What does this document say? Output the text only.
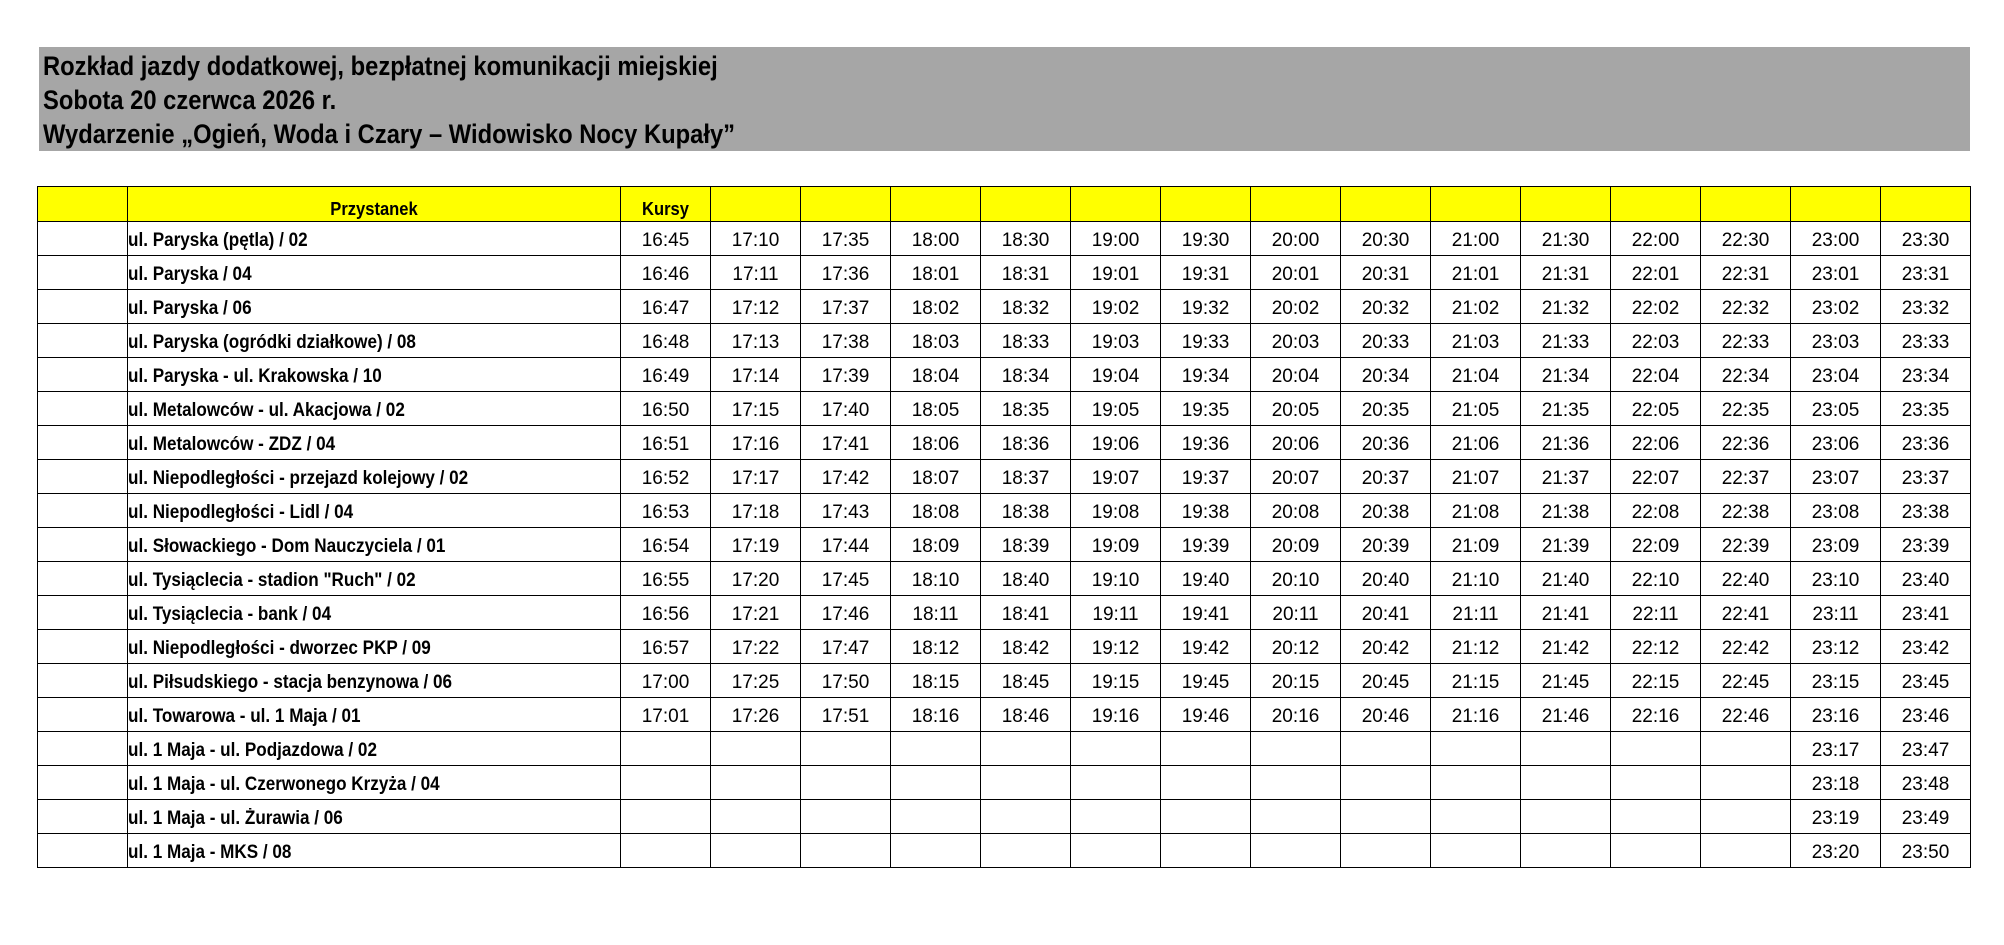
Rozkład jazdy dodatkowej, bezpłatnej komunikacji miejskiej
Sobota 20 czerwca 2026 r.
Wydarzenie „Ogień, Woda i Czary – Widowisko Nocy Kupały”

	Przystanek	Kursy														

	ul. Paryska (pętla) / 02	16:45	17:10	17:35	18:00	18:30	19:00	19:30	20:00	20:30	21:00	21:30	22:00	22:30	23:00	23:30
	ul. Paryska / 04	16:46	17:11	17:36	18:01	18:31	19:01	19:31	20:01	20:31	21:01	21:31	22:01	22:31	23:01	23:31
	ul. Paryska / 06	16:47	17:12	17:37	18:02	18:32	19:02	19:32	20:02	20:32	21:02	21:32	22:02	22:32	23:02	23:32
	ul. Paryska (ogródki działkowe) / 08	16:48	17:13	17:38	18:03	18:33	19:03	19:33	20:03	20:33	21:03	21:33	22:03	22:33	23:03	23:33
	ul. Paryska - ul. Krakowska / 10	16:49	17:14	17:39	18:04	18:34	19:04	19:34	20:04	20:34	21:04	21:34	22:04	22:34	23:04	23:34
	ul. Metalowców - ul. Akacjowa / 02	16:50	17:15	17:40	18:05	18:35	19:05	19:35	20:05	20:35	21:05	21:35	22:05	22:35	23:05	23:35
	ul. Metalowców - ZDZ / 04	16:51	17:16	17:41	18:06	18:36	19:06	19:36	20:06	20:36	21:06	21:36	22:06	22:36	23:06	23:36
	ul. Niepodległości - przejazd kolejowy / 02	16:52	17:17	17:42	18:07	18:37	19:07	19:37	20:07	20:37	21:07	21:37	22:07	22:37	23:07	23:37
	ul. Niepodległości - Lidl / 04	16:53	17:18	17:43	18:08	18:38	19:08	19:38	20:08	20:38	21:08	21:38	22:08	22:38	23:08	23:38
	ul. Słowackiego - Dom Nauczyciela / 01	16:54	17:19	17:44	18:09	18:39	19:09	19:39	20:09	20:39	21:09	21:39	22:09	22:39	23:09	23:39
	ul. Tysiąclecia - stadion "Ruch" / 02	16:55	17:20	17:45	18:10	18:40	19:10	19:40	20:10	20:40	21:10	21:40	22:10	22:40	23:10	23:40
	ul. Tysiąclecia - bank / 04	16:56	17:21	17:46	18:11	18:41	19:11	19:41	20:11	20:41	21:11	21:41	22:11	22:41	23:11	23:41
	ul. Niepodległości - dworzec PKP / 09	16:57	17:22	17:47	18:12	18:42	19:12	19:42	20:12	20:42	21:12	21:42	22:12	22:42	23:12	23:42
	ul. Piłsudskiego - stacja benzynowa / 06	17:00	17:25	17:50	18:15	18:45	19:15	19:45	20:15	20:45	21:15	21:45	22:15	22:45	23:15	23:45
	ul. Towarowa - ul. 1 Maja / 01	17:01	17:26	17:51	18:16	18:46	19:16	19:46	20:16	20:46	21:16	21:46	22:16	22:46	23:16	23:46
	ul. 1 Maja - ul. Podjazdowa / 02														23:17	23:47
	ul. 1 Maja - ul. Czerwonego Krzyża / 04														23:18	23:48
	ul. 1 Maja - ul. Żurawia / 06														23:19	23:49
	ul. 1 Maja - MKS / 08														23:20	23:50
